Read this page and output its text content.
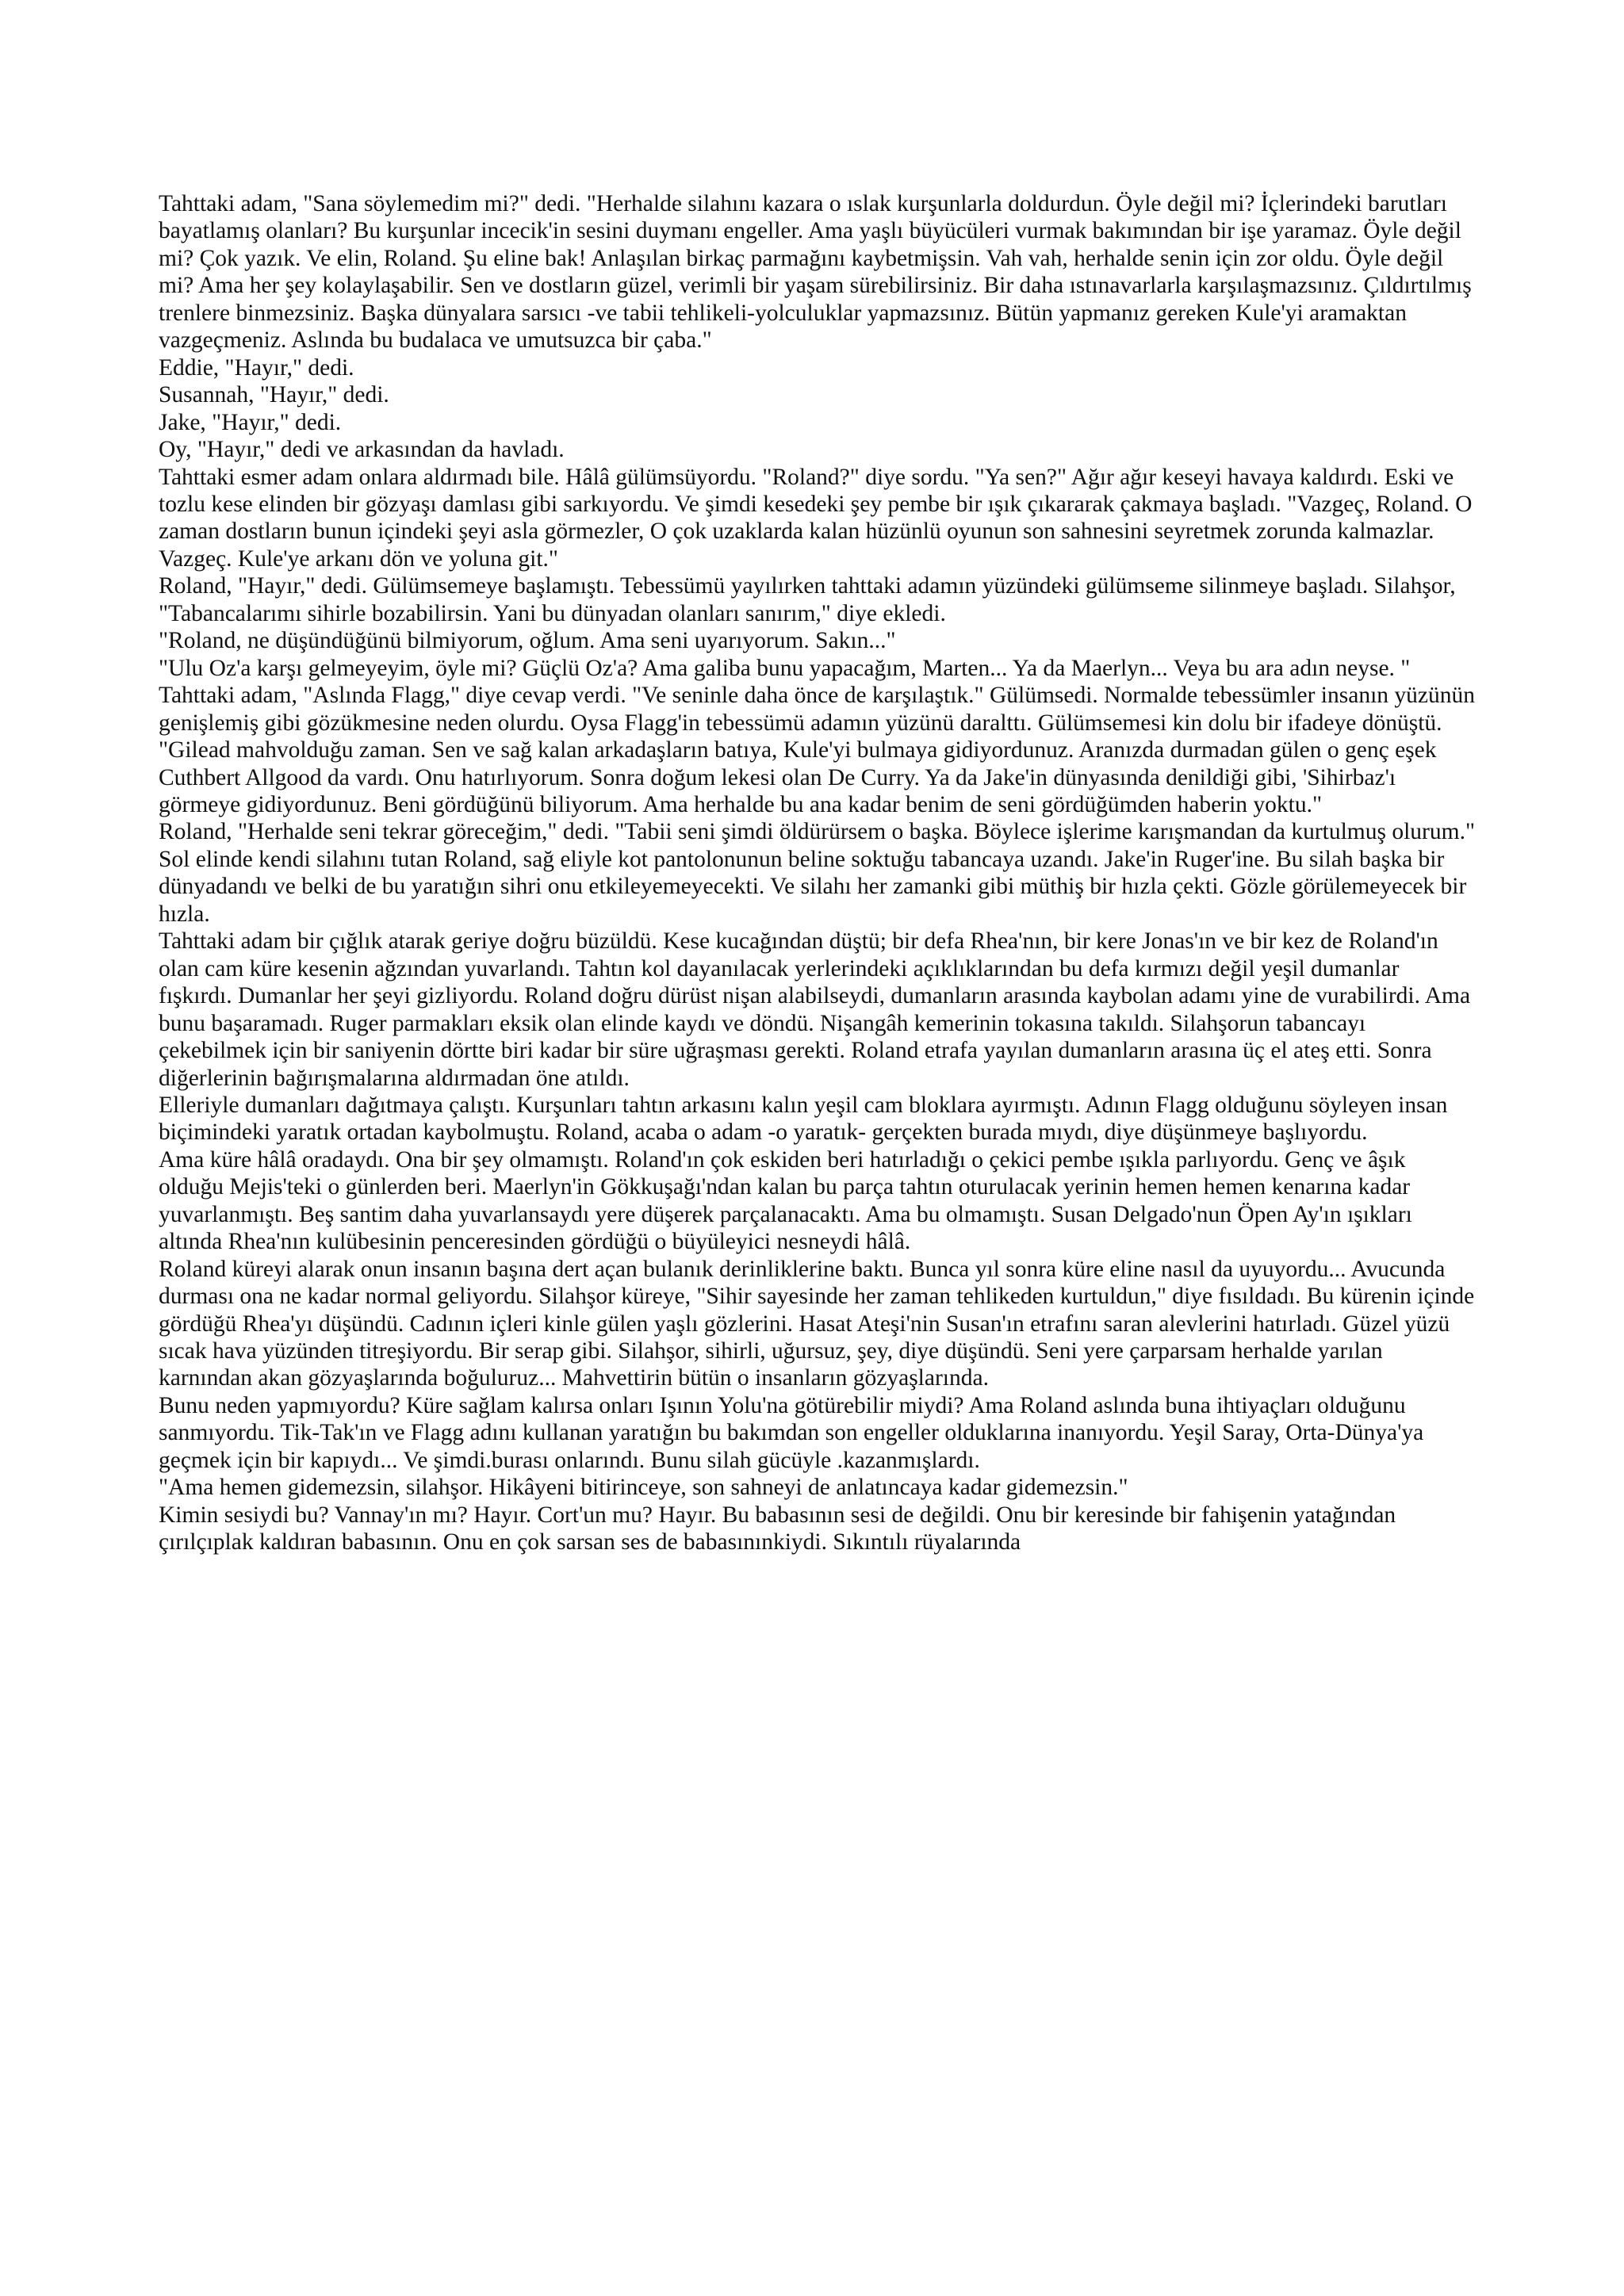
Tahttaki adam, "Sana söylemedim mi?" dedi. "Herhalde silahını kazara o ıslak kurşunlarla doldurdun. Öyle değil mi? İçlerindeki barutları bayatlamış olanları? Bu kurşunlar incecik'in sesini duymanı engeller. Ama yaşlı büyücüleri vurmak bakımından bir işe yaramaz. Öyle değil mi? Çok yazık. Ve elin, Roland. Şu eline bak! Anlaşılan birkaç parmağını kaybetmişsin. Vah vah, herhalde senin için zor oldu. Öyle değil mi? Ama her şey kolaylaşabilir. Sen ve dostların güzel, verimli bir yaşam sürebilirsiniz. Bir daha ıstınavarlarla karşılaşmazsınız. Çıldırtılmış trenlere binmezsiniz. Başka dünyalara sarsıcı -ve tabii tehlikeli-yolculuklar yapmazsınız. Bütün yapmanız gereken Kule'yi aramaktan vazgeçmeniz. Aslında bu budalaca ve umutsuzca bir çaba."

Eddie, "Hayır," dedi.

Susannah, "Hayır," dedi.

Jake, "Hayır," dedi.

Oy, "Hayır," dedi ve arkasından da havladı.

Tahttaki esmer adam onlara aldırmadı bile. Hâlâ gülümsüyordu. "Roland?" diye sordu. "Ya sen?" Ağır ağır keseyi havaya kaldırdı. Eski ve tozlu kese elinden bir gözyaşı damlası gibi sarkıyordu. Ve şimdi kesedeki şey pembe bir ışık çıkararak çakmaya başladı. "Vazgeç, Roland. O zaman dostların bunun içindeki şeyi asla görmezler, O çok uzaklarda kalan hüzünlü oyunun son sahnesini seyretmek zorunda kalmazlar. Vazgeç. Kule'ye arkanı dön ve yoluna git."

Roland, "Hayır," dedi. Gülümsemeye başlamıştı. Tebessümü yayılırken tahttaki adamın yüzündeki gülümseme silinmeye başladı. Silahşor, "Tabancalarımı sihirle bozabilirsin. Yani bu dünyadan olanları sanırım," diye ekledi.

"Roland, ne düşündüğünü bilmiyorum, oğlum. Ama seni uyarıyorum. Sakın..."

"Ulu Oz'a karşı gelmeyeyim, öyle mi? Güçlü Oz'a? Ama galiba bunu yapacağım, Marten... Ya da Maerlyn... Veya bu ara adın neyse. "

Tahttaki adam, "Aslında Flagg," diye cevap verdi. "Ve seninle daha önce de karşılaştık." Gülümsedi. Normalde tebessümler insanın yüzünün genişlemiş gibi gözükmesine neden olurdu. Oysa Flagg'in tebessümü adamın yüzünü daralttı. Gülümsemesi kin dolu bir ifadeye dönüştü. "Gilead mahvolduğu zaman. Sen ve sağ kalan arkadaşların batıya, Kule'yi bulmaya gidiyordunuz. Aranızda durmadan gülen o genç eşek Cuthbert Allgood da vardı. Onu hatırlıyorum. Sonra doğum lekesi olan De Curry. Ya da Jake'in dünyasında denildiği gibi, 'Sihirbaz'ı görmeye gidiyordunuz. Beni gördüğünü biliyorum. Ama herhalde bu ana kadar benim de seni gördüğümden haberin yoktu."

Roland, "Herhalde seni tekrar göreceğim," dedi. "Tabii seni şimdi öldürürsem o başka. Böylece işlerime karışmandan da kurtulmuş olurum."

Sol elinde kendi silahını tutan Roland, sağ eliyle kot pantolonunun beline soktuğu tabancaya uzandı. Jake'in Ruger'ine. Bu silah başka bir dünyadandı ve belki de bu yaratığın sihri onu etkileyemeyecekti. Ve silahı her zamanki gibi müthiş bir hızla çekti. Gözle görülemeyecek bir hızla.

Tahttaki adam bir çığlık atarak geriye doğru büzüldü. Kese kucağından düştü; bir defa Rhea'nın, bir kere Jonas'ın ve bir kez de Roland'ın olan cam küre kesenin ağzından yuvarlandı. Tahtın kol dayanılacak yerlerindeki açıklıklarından bu defa kırmızı değil yeşil dumanlar fışkırdı. Dumanlar her şeyi gizliyordu. Roland doğru dürüst nişan alabilseydi, dumanların arasında kaybolan adamı yine de vurabilirdi. Ama bunu başaramadı. Ruger parmakları eksik olan elinde kaydı ve döndü. Nişangâh kemerinin tokasına takıldı. Silahşorun tabancayı çekebilmek için bir saniyenin dörtte biri kadar bir süre uğraşması gerekti. Roland etrafa yayılan dumanların arasına üç el ateş etti. Sonra diğerlerinin bağırışmalarına aldırmadan öne atıldı.

Elleriyle dumanları dağıtmaya çalıştı. Kurşunları tahtın arkasını kalın yeşil cam bloklara ayırmıştı. Adının Flagg olduğunu söyleyen insan biçimindeki yaratık ortadan kaybolmuştu. Roland, acaba o adam -o yaratık- gerçekten burada mıydı, diye düşünmeye başlıyordu.

Ama küre hâlâ oradaydı. Ona bir şey olmamıştı. Roland'ın çok eskiden beri hatırladığı o çekici pembe ışıkla parlıyordu. Genç ve âşık olduğu Mejis'teki o günlerden beri. Maerlyn'in Gökkuşağı'ndan kalan bu parça tahtın oturulacak yerinin hemen hemen kenarına kadar yuvarlanmıştı. Beş santim daha yuvarlansaydı yere düşerek parçalanacaktı. Ama bu olmamıştı. Susan Delgado'nun Öpen Ay'ın ışıkları altında Rhea'nın kulübesinin penceresinden gördüğü o büyüleyici nesneydi hâlâ.

Roland küreyi alarak onun insanın başına dert açan bulanık derinliklerine baktı. Bunca yıl sonra küre eline nasıl da uyuyordu... Avucunda durması ona ne kadar normal geliyordu. Silahşor küreye, "Sihir sayesinde her zaman tehlikeden kurtuldun," diye fısıldadı. Bu kürenin içinde gördüğü Rhea'yı düşündü. Cadının içleri kinle gülen yaşlı gözlerini. Hasat Ateşi'nin Susan'ın etrafını saran alevlerini hatırladı. Güzel yüzü sıcak hava yüzünden titreşiyordu. Bir serap gibi. Silahşor, sihirli, uğursuz, şey, diye düşündü. Seni yere çarparsam herhalde yarılan karnından akan gözyaşlarında boğuluruz... Mahvettirin bütün o insanların gözyaşlarında.

Bunu neden yapmıyordu? Küre sağlam kalırsa onları Işının Yolu'na götürebilir miydi? Ama Roland aslında buna ihtiyaçları olduğunu sanmıyordu. Tik-Tak'ın ve Flagg adını kullanan yaratığın bu bakımdan son engeller olduklarına inanıyordu. Yeşil Saray, Orta-Dünya'ya geçmek için bir kapıydı... Ve şimdi.burası onlarındı. Bunu silah gücüyle .kazanmışlardı.

"Ama hemen gidemezsin, silahşor. Hikâyeni bitirinceye, son sahneyi de anlatıncaya kadar gidemezsin."

Kimin sesiydi bu? Vannay'ın mı? Hayır. Cort'un mu? Hayır. Bu babasının sesi de değildi. Onu bir keresinde bir fahişenin yatağından çırılçıplak kaldıran babasının. Onu en çok sarsan ses de babasınınkiydi. Sıkıntılı rüyalarında
